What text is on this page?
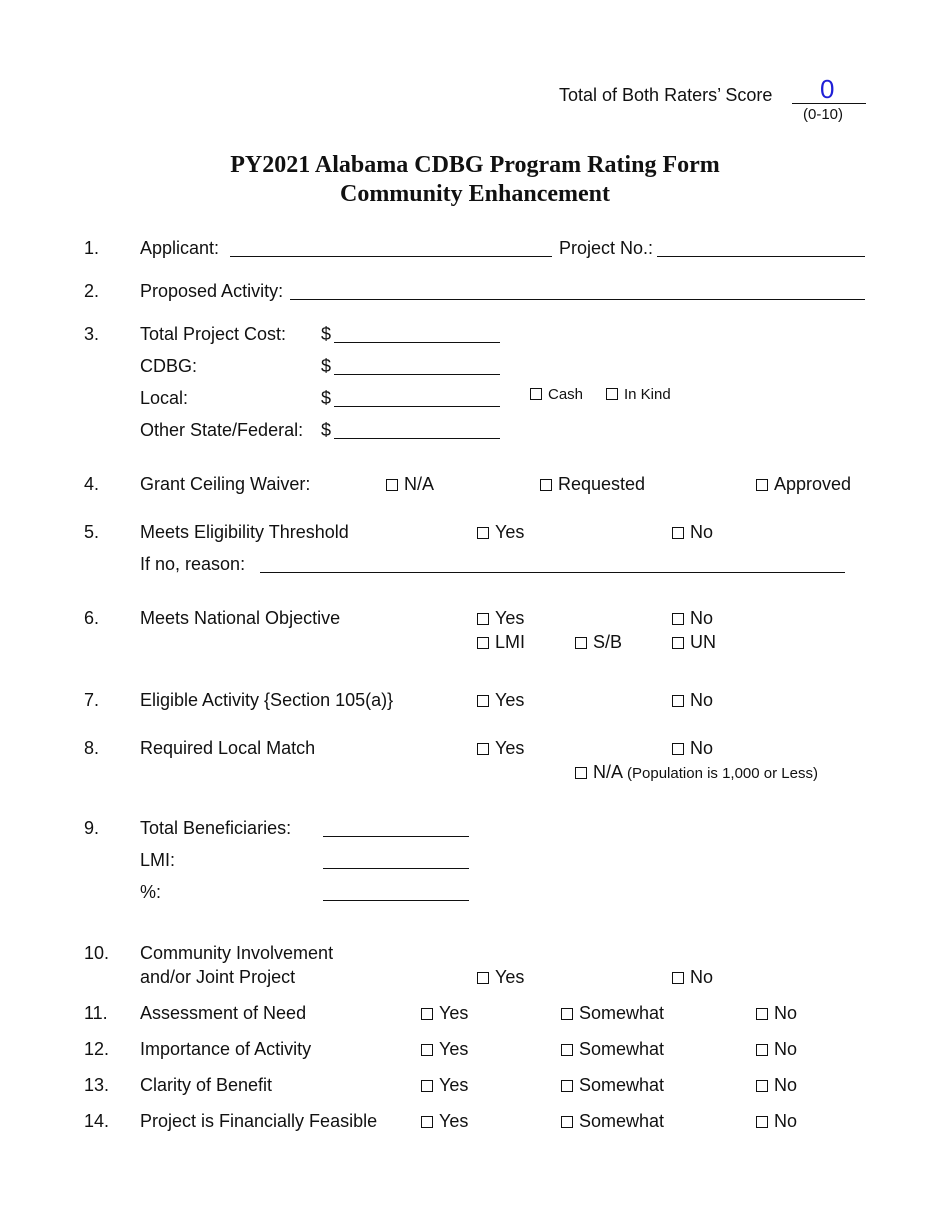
Total of Both Raters’ Score 0
(0-10)
PY2021 Alabama CDBG Program Rating Form
Community Enhancement
1. Applicant:	Project No.:
2. Proposed Activity:
3. Total Project Cost: $
CDBG:	$
Local:	$	Cash	In Kind
Other State/Federal: $
4. Grant Ceiling Waiver:	N/A	Requested	Approved
5. Meets Eligibility Threshold	Yes	No
If no, reason:
6. Meets National Objective	Yes	No
LMI	S/B	UN
7. Eligible Activity {Section 105(a)}	Yes	No
8. Required Local Match	Yes	No
N/A (Population is 1,000 or Less)
9. Total Beneficiaries:
LMI:
%:
10. Community Involvement
and/or Joint Project	Yes	No
11. Assessment of Need	Yes	Somewhat	No
12. Importance of Activity	Yes	Somewhat	No
13. Clarity of Benefit	Yes	Somewhat	No
14. Project is Financially Feasible	Yes	Somewhat	No
